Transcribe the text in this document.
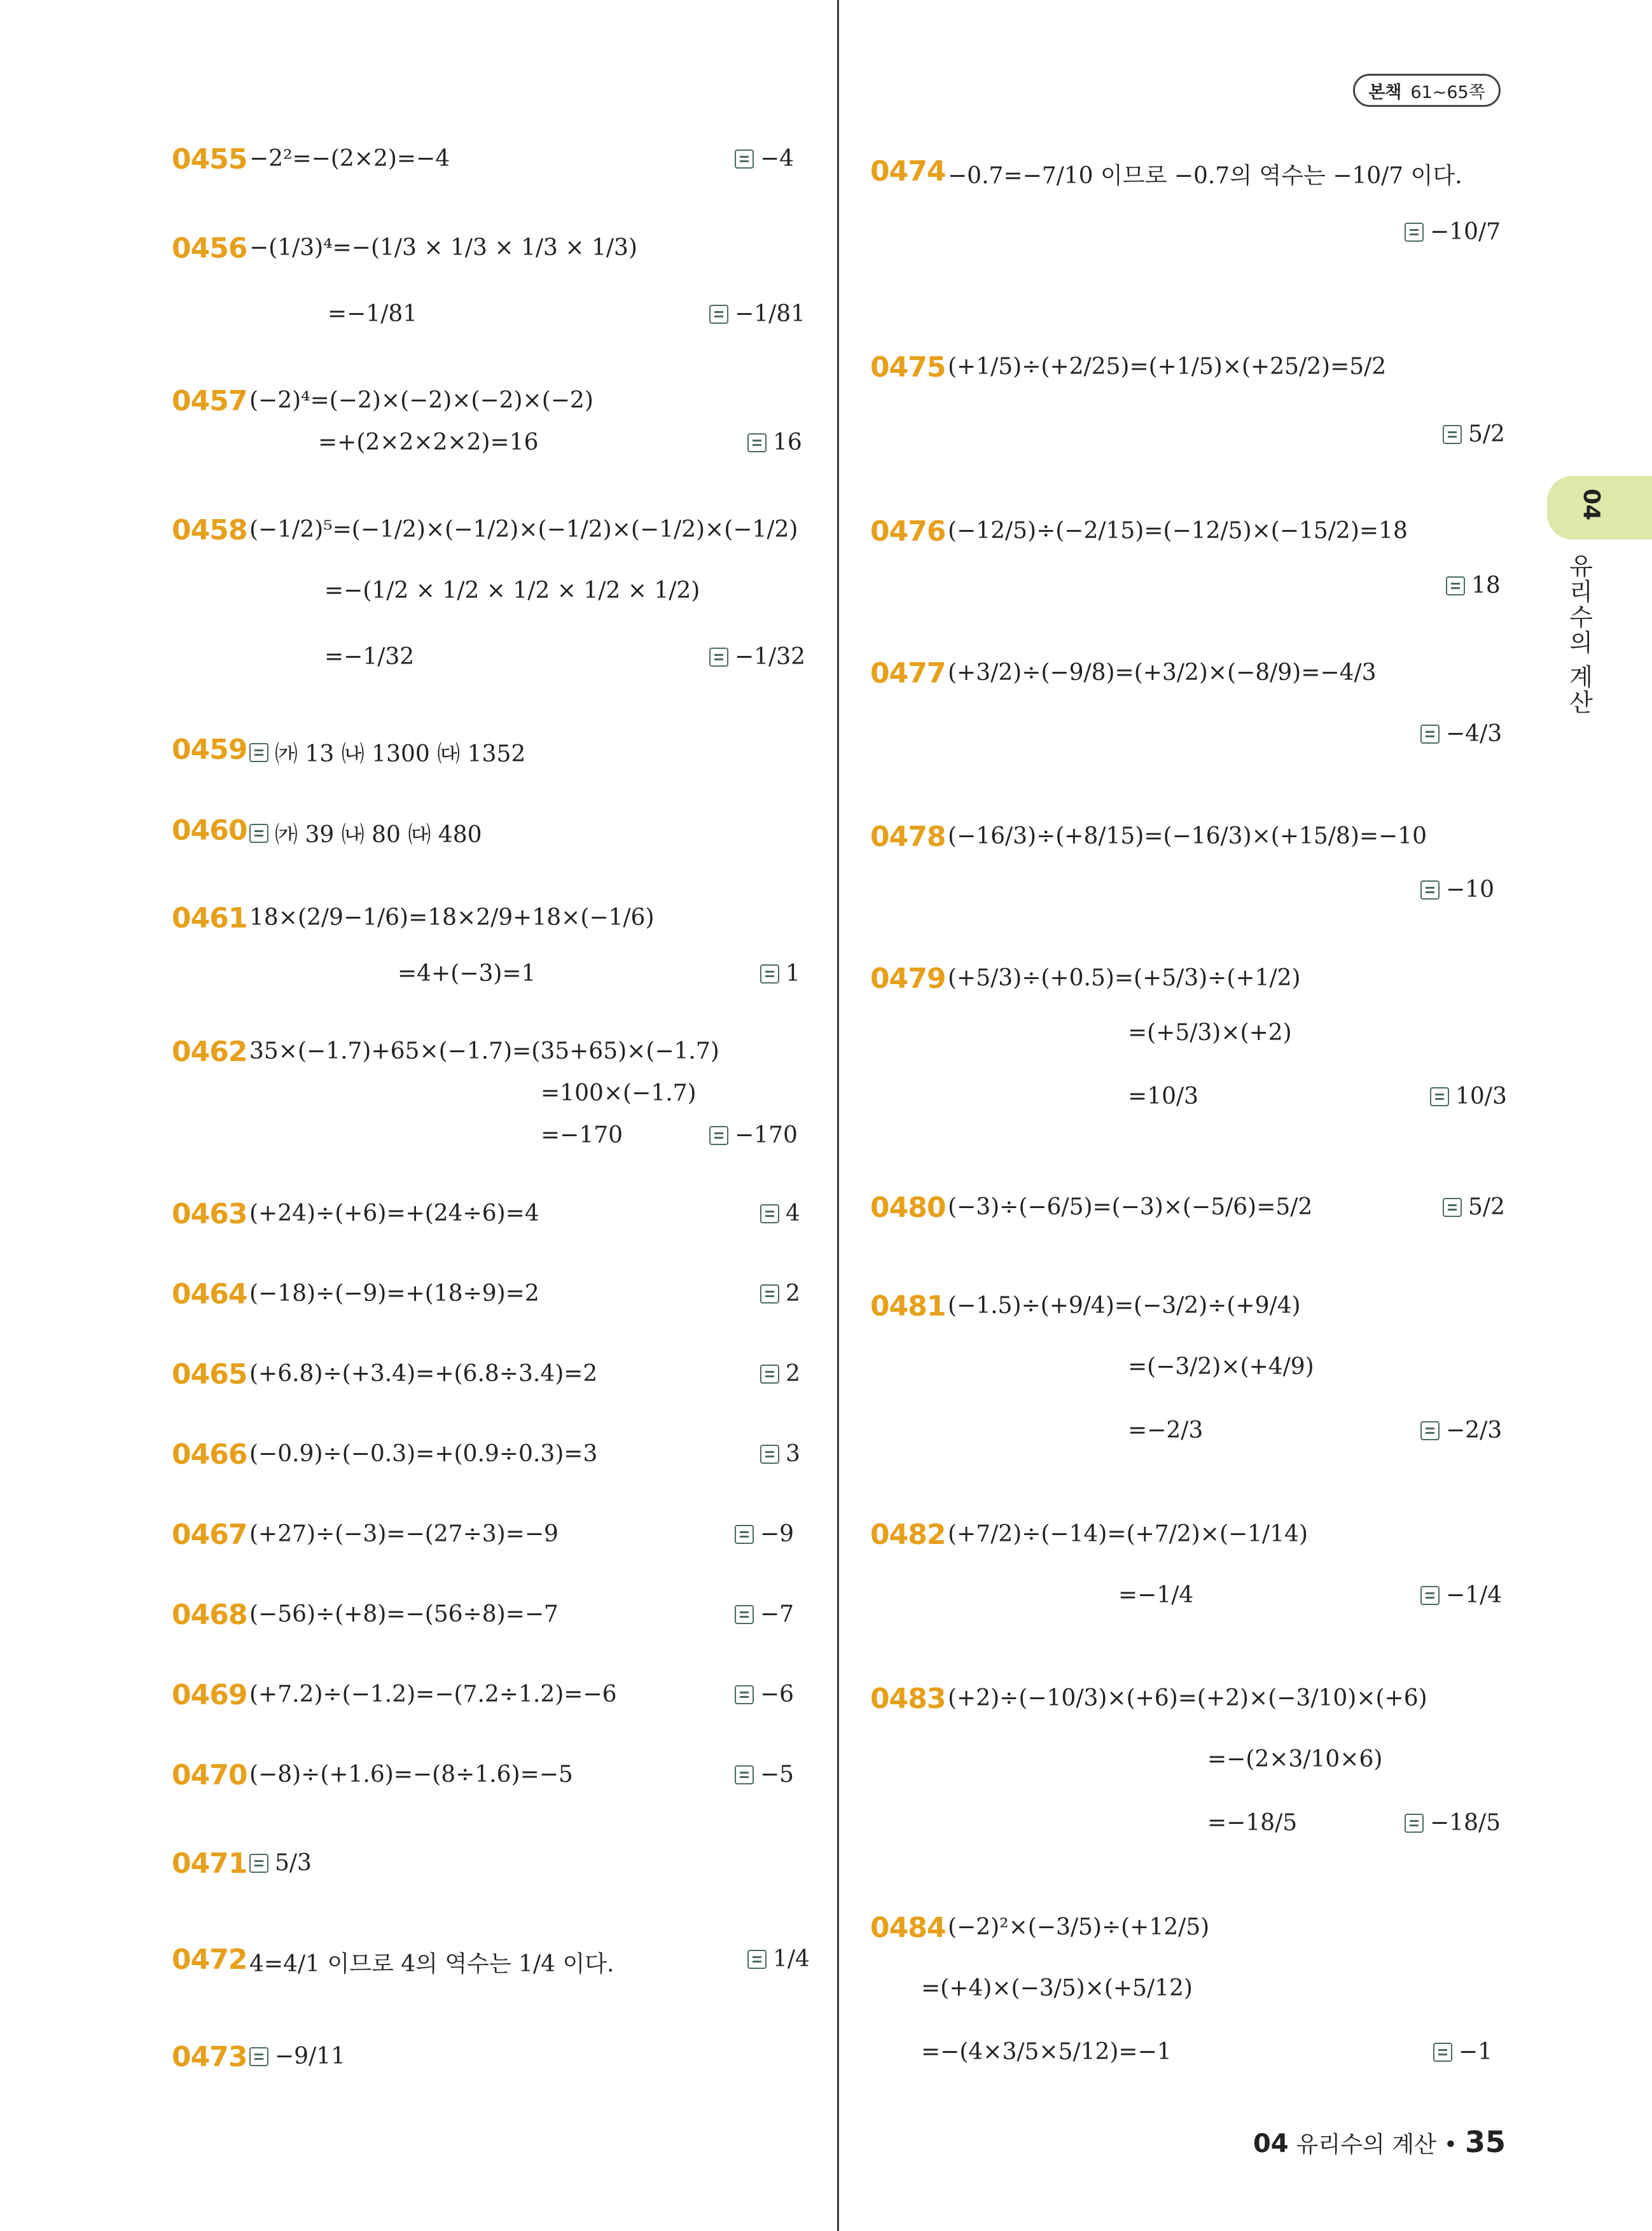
본책 61~65쪽
04
유리수의 계산
0455 −2²=−(2×2)=−4	−4
0456 −(1/3)⁴=−(1/3 × 1/3 × 1/3 × 1/3)
=−1/81	−1/81
0457 (−2)⁴=(−2)×(−2)×(−2)×(−2)
=+(2×2×2×2)=16	16
0458 (−1/2)⁵=(−1/2)×(−1/2)×(−1/2)×(−1/2)×(−1/2)
=−(1/2 × 1/2 × 1/2 × 1/2 × 1/2)
=−1/32	−1/32
0459 ㈎ 13 ㈏ 1300 ㈐ 1352
0460 ㈎ 39 ㈏ 80 ㈐ 480
0461 18×(2/9−1/6)=18×2/9+18×(−1/6)
=4+(−3)=1	1
0462 35×(−1.7)+65×(−1.7)=(35+65)×(−1.7)
=100×(−1.7)
=−170	−170
0463 (+24)÷(+6)=+(24÷6)=4	4
0464 (−18)÷(−9)=+(18÷9)=2	2
0465 (+6.8)÷(+3.4)=+(6.8÷3.4)=2	2
0466 (−0.9)÷(−0.3)=+(0.9÷0.3)=3	3
0467 (+27)÷(−3)=−(27÷3)=−9	−9
0468 (−56)÷(+8)=−(56÷8)=−7	−7
0469 (+7.2)÷(−1.2)=−(7.2÷1.2)=−6	−6
0470 (−8)÷(+1.6)=−(8÷1.6)=−5	−5
0471 5/3
0472 4=4/1 이므로 4의 역수는 1/4 이다.	1/4
0473 −9/11
0474 −0.7=−7/10 이므로 −0.7의 역수는 −10/7 이다.
−10/7
0475 (+1/5)÷(+2/25)=(+1/5)×(+25/2)=5/2
5/2
0476 (−12/5)÷(−2/15)=(−12/5)×(−15/2)=18
18
0477 (+3/2)÷(−9/8)=(+3/2)×(−8/9)=−4/3
−4/3
0478 (−16/3)÷(+8/15)=(−16/3)×(+15/8)=−10
−10
0479 (+5/3)÷(+0.5)=(+5/3)÷(+1/2)
=(+5/3)×(+2)
=10/3	10/3
0480 (−3)÷(−6/5)=(−3)×(−5/6)=5/2	5/2
0481 (−1.5)÷(+9/4)=(−3/2)÷(+9/4)
=(−3/2)×(+4/9)
=−2/3	−2/3
0482 (+7/2)÷(−14)=(+7/2)×(−1/14)
=−1/4	−1/4
0483 (+2)÷(−10/3)×(+6)=(+2)×(−3/10)×(+6)
=−(2×3/10×6)
=−18/5	−18/5
0484 (−2)²×(−3/5)÷(+12/5)
=(+4)×(−3/5)×(+5/12)
=−(4×3/5×5/12)=−1	−1
04 유리수의 계산 • 35
